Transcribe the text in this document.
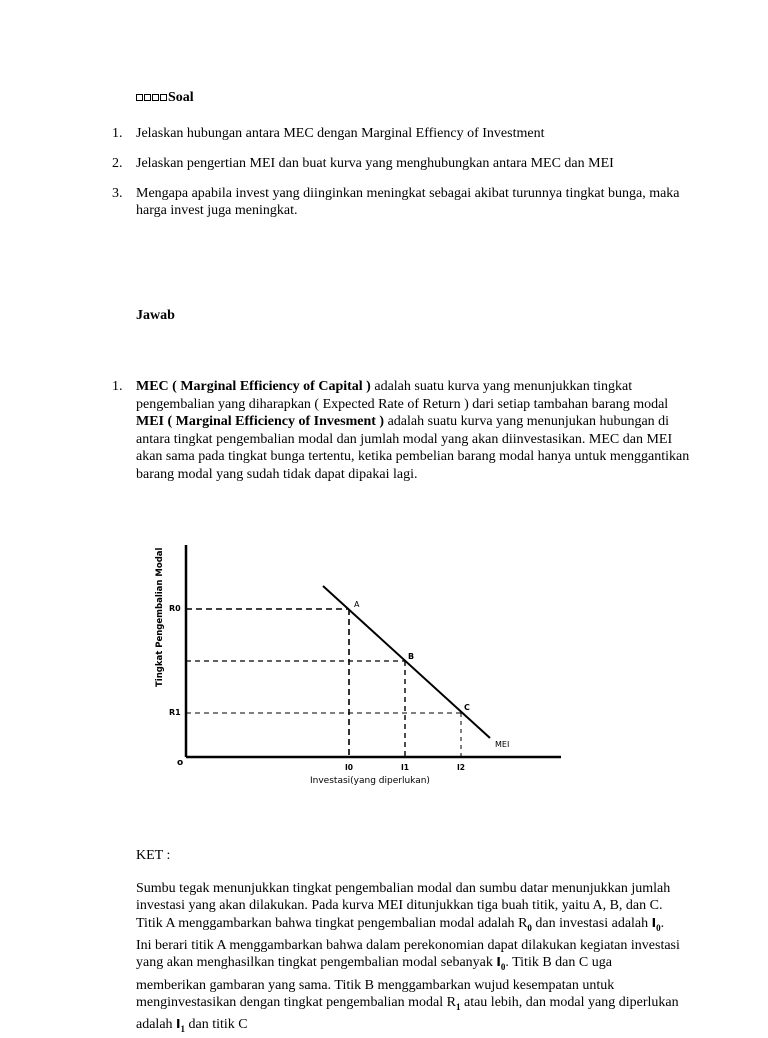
Soal
1. Jelaskan hubungan antara MEC dengan Marginal Effiency of Investment
2. Jelaskan pengertian MEI dan buat kurva yang menghubungkan antara MEC dan MEI
3. Mengapa apabila invest yang diinginkan meningkat sebagai akibat turunnya tingkat bunga, maka harga invest juga meningkat.
Jawab
1. MEC ( Marginal Efficiency of Capital ) adalah suatu kurva yang menunjukkan tingkat pengembalian yang diharapkan ( Expected Rate of Return ) dari setiap tambahan barang modal MEI ( Marginal Efficiency of Invesment ) adalah suatu kurva yang menunjukan hubungan di antara tingkat pengembalian modal dan jumlah modal yang akan diinvestasikan. MEC dan MEI akan sama pada tingkat bunga tertentu, ketika pembelian barang modal hanya untuk menggantikan barang modal yang sudah tidak dapat dipakai lagi.
Tingkat Pengembalian Modal R0
R1
o
A
B
C
MEI
I0	I1	I2
Investasi(yang diperlukan)
KET :
Sumbu tegak menunjukkan tingkat pengembalian modal dan sumbu datar menunjukkan jumlah investasi yang akan dilakukan. Pada kurva MEI ditunjukkan tiga buah titik, yaitu A, B, dan C. Titik A menggambarkan bahwa tingkat pengembalian modal adalah $R_0$ dan investasi adalah $I_0$. Ini berari titik A menggambarkan bahwa dalam perekonomian dapat dilakukan kegiatan investasi yang akan menghasilkan tingkat pengembalian modal sebanyak $I_0$. Titik B dan C uga memberikan gambaran yang sama. Titik B menggambarkan wujud kesempatan untuk menginvestasikan dengan tingkat pengembalian modal $R_1$ atau lebih, dan modal yang diperlukan adalah $I_1$ dan titik C
